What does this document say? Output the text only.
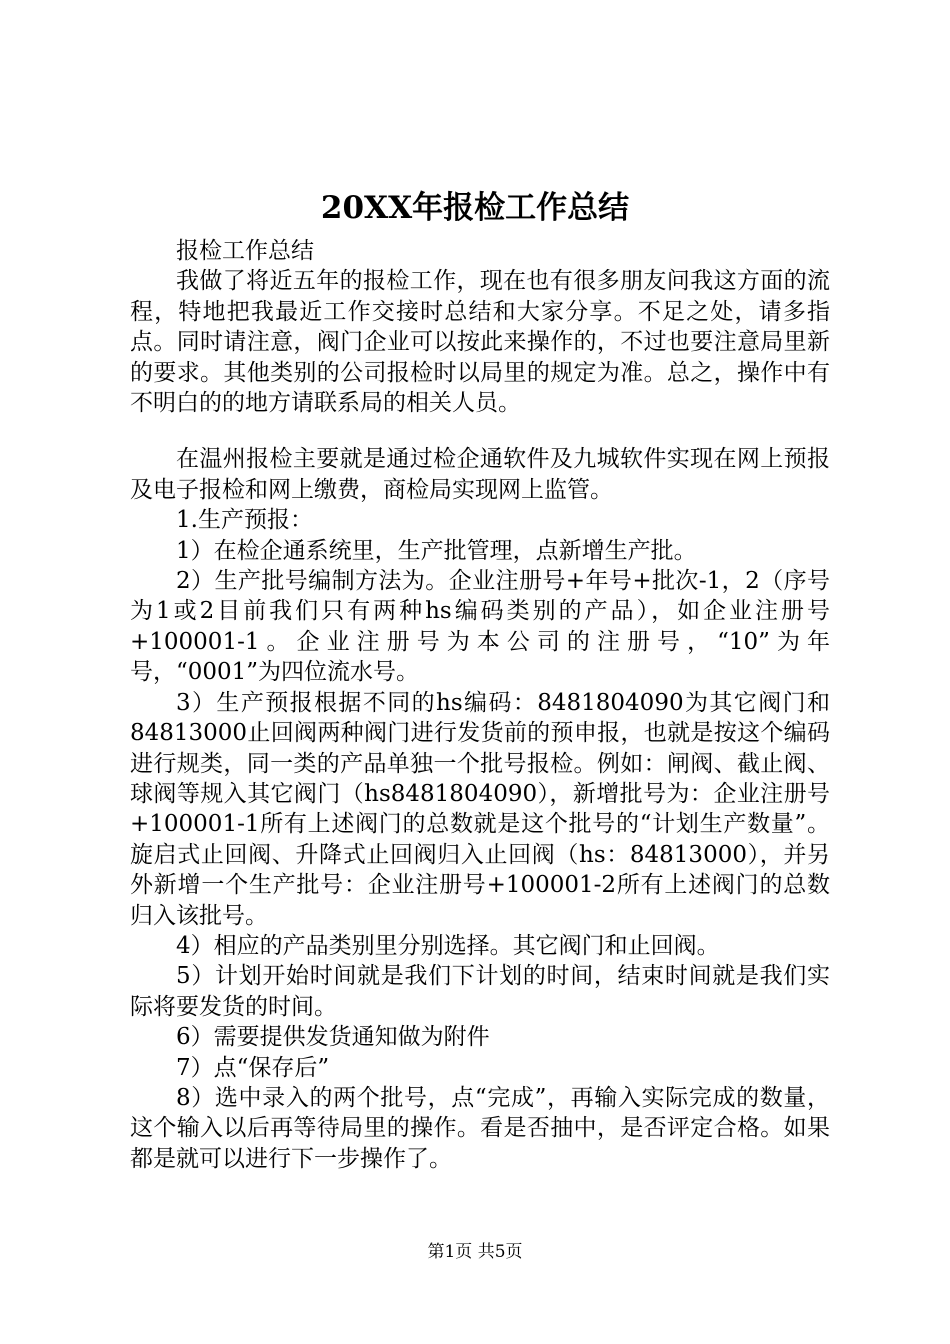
20XX年报检工作总结

报检工作总结

我做了将近五年的报检工作，现在也有很多朋友问我这方面的流程，特地把我最近工作交接时总结和大家分享。不足之处，请多指点。同时请注意，阀门企业可以按此来操作的，不过也要注意局里新的要求。其他类别的公司报检时以局里的规定为准。总之，操作中有不明白的的地方请联系局的相关人员。

在温州报检主要就是通过检企通软件及九城软件实现在网上预报及电子报检和网上缴费，商检局实现网上监管。

1.生产预报：

1）在检企通系统里，生产批管理，点新增生产批。

2）生产批号编制方法为。企业注册号+年号+批次-1，2（序号为1或2目前我们只有两种hs编码类别的产品），如企业注册号+100001-1。企业注册号为本公司的注册号，“10”为年号，“0001”为四位流水号。

3）生产预报根据不同的hs编码：8481804090为其它阀门和84813000止回阀两种阀门进行发货前的预申报，也就是按这个编码进行规类，同一类的产品单独一个批号报检。例如：闸阀、截止阀、球阀等规入其它阀门（hs8481804090），新增批号为：企业注册号+100001-1所有上述阀门的总数就是这个批号的“计划生产数量”。旋启式止回阀、升降式止回阀归入止回阀（hs：84813000），并另外新增一个生产批号：企业注册号+100001-2所有上述阀门的总数归入该批号。

4）相应的产品类别里分别选择。其它阀门和止回阀。

5）计划开始时间就是我们下计划的时间，结束时间就是我们实际将要发货的时间。

6）需要提供发货通知做为附件

7）点“保存后”

8）选中录入的两个批号，点“完成”，再输入实际完成的数量，这个输入以后再等待局里的操作。看是否抽中，是否评定合格。如果都是就可以进行下一步操作了。

第1页 共5页
